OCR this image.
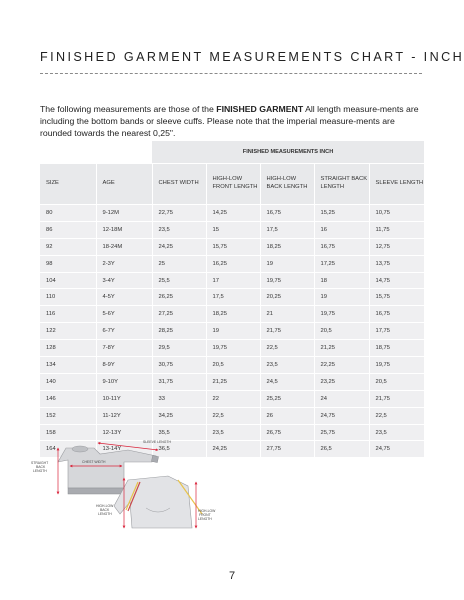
FINISHED GARMENT MEASUREMENTS CHART - INCH

The following measurements are those of the FINISHED GARMENT All length measure-ments are including the bottom bands or sleeve cuffs. Please note that the imperial measure-ments are rounded towards the nearest 0,25".

		FINISHED MEASUREMENTS INCH				
SIZE	AGE	CHEST WIDTH	HIGH-LOW FRONT LENGTH	HIGH-LOW BACK LENGTH	STRAIGHT BACK LENGTH	SLEEVE LENGTH
80	9-12M	22,75	14,25	16,75	15,25	10,75
86	12-18M	23,5	15	17,5	16	11,75
92	18-24M	24,25	15,75	18,25	16,75	12,75
98	2-3Y	25	16,25	19	17,25	13,75
104	3-4Y	25,5	17	19,75	18	14,75
110	4-5Y	26,25	17,5	20,25	19	15,75
116	5-6Y	27,25	18,25	21	19,75	16,75
122	6-7Y	28,25	19	21,75	20,5	17,75
128	7-8Y	29,5	19,75	22,5	21,25	18,75
134	8-9Y	30,75	20,5	23,5	22,25	19,75
140	9-10Y	31,75	21,25	24,5	23,25	20,5
146	10-11Y	33	22	25,25	24	21,75
152	11-12Y	34,25	22,5	26	24,75	22,5
158	12-13Y	35,5	23,5	26,75	25,75	23,5
164	13-14Y	36,5	24,25	27,75	26,5	24,75
SLEEVE LENGTH
CHEST WIDTH
STRAIGHT
BACK
LENGTH
HIGH-LOW
BACK
LENGTH
HIGH-LOW
FRONT
LENGTH
7
